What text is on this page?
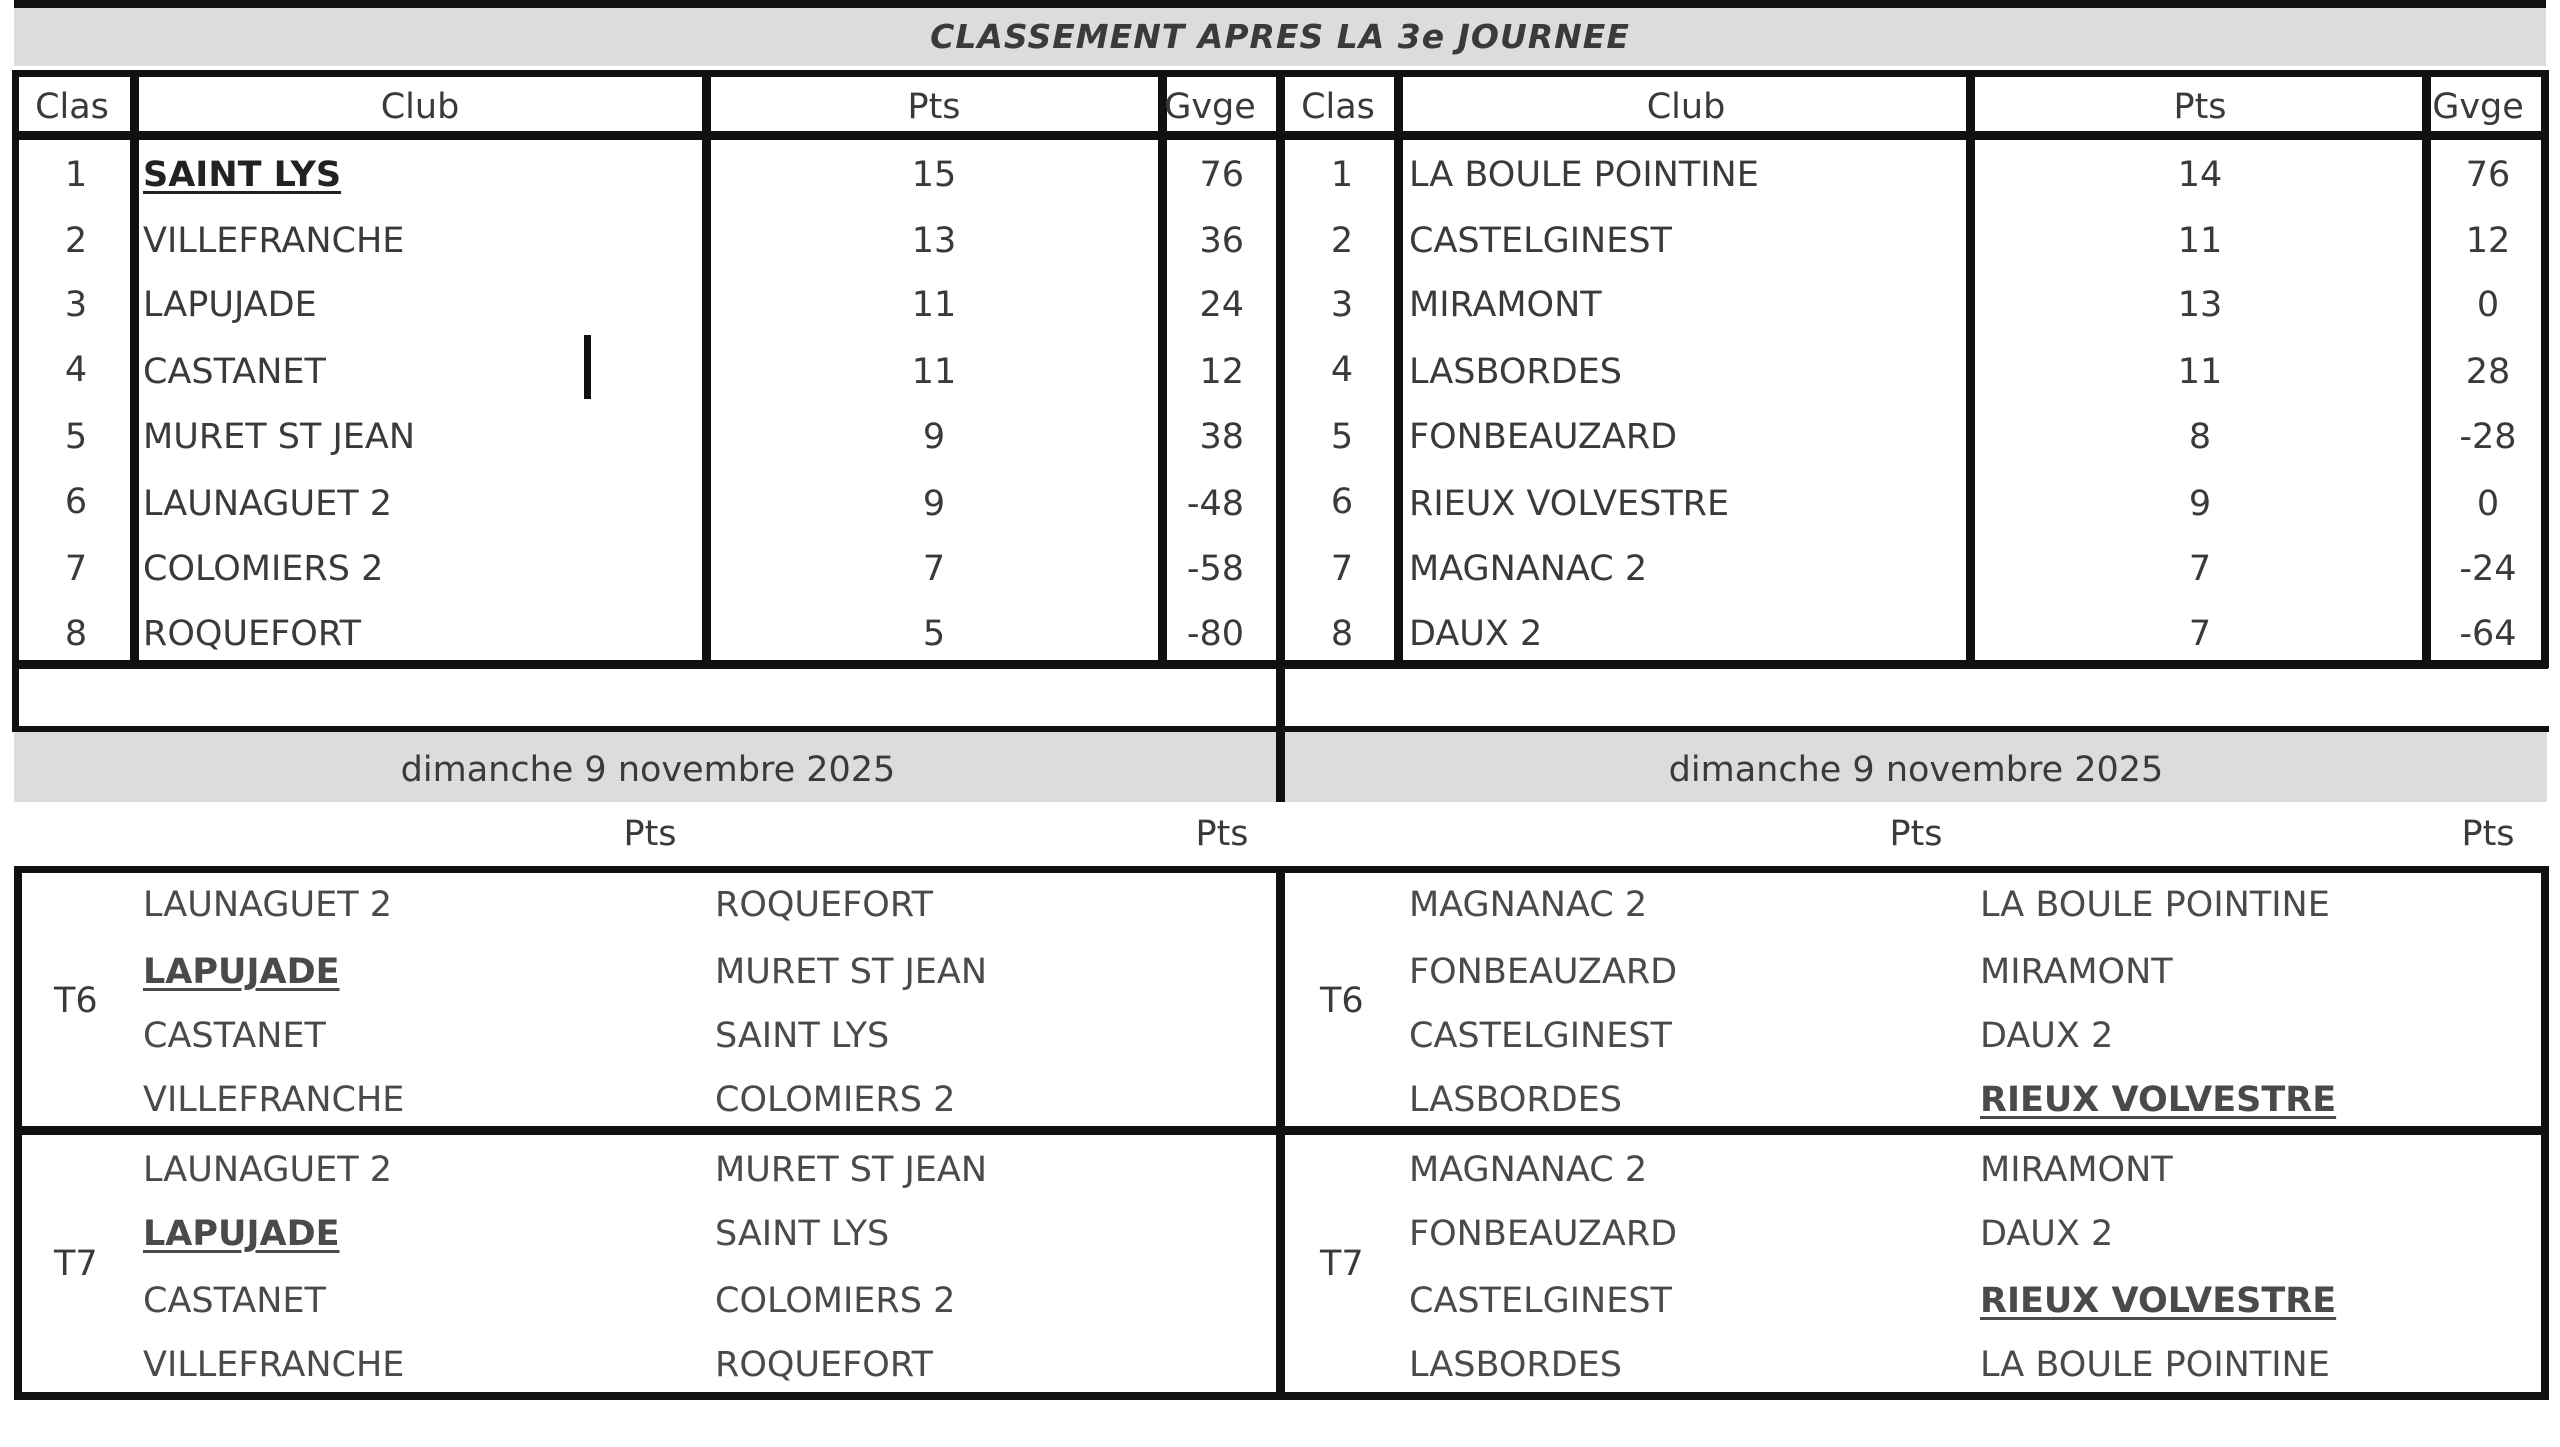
CLASSEMENT APRES LA 3e JOURNEE
Clas	Club	Pts	Gvge Clas	Club	Pts	Gvge
1 SAINT LYS	15	76
2 VILLEFRANCHE	13	36
3 LAPUJADE	11	24
4 CASTANET	11	12
5 MURET ST JEAN	9	38
6 LAUNAGUET 2	9	-48
7 COLOMIERS 2	7	-58
8 ROQUEFORT	5	-80
1 LA BOULE POINTINE	14	76
2 CASTELGINEST	11	12
3 MIRAMONT	13	0
4 LASBORDES	11	28
5 FONBEAUZARD	8	-28
6 RIEUX VOLVESTRE	9	0
7 MAGNANAC 2	7	-24
8 DAUX 2	7	-64
dimanche 9 novembre 2025	dimanche 9 novembre 2025
Pts	Pts	Pts	Pts
T6
LAUNAGUET 2	ROQUEFORT
LAPUJADE	MURET ST JEAN
CASTANET	SAINT LYS
VILLEFRANCHE	COLOMIERS 2
T7
LAUNAGUET 2	MURET ST JEAN
LAPUJADE	SAINT LYS
CASTANET	COLOMIERS 2
VILLEFRANCHE	ROQUEFORT
T6
MAGNANAC 2	LA BOULE POINTINE
FONBEAUZARD	MIRAMONT
CASTELGINEST	DAUX 2
LASBORDES	RIEUX VOLVESTRE
T7
MAGNANAC 2	MIRAMONT
FONBEAUZARD	DAUX 2
CASTELGINEST	RIEUX VOLVESTRE
LASBORDES	LA BOULE POINTINE
